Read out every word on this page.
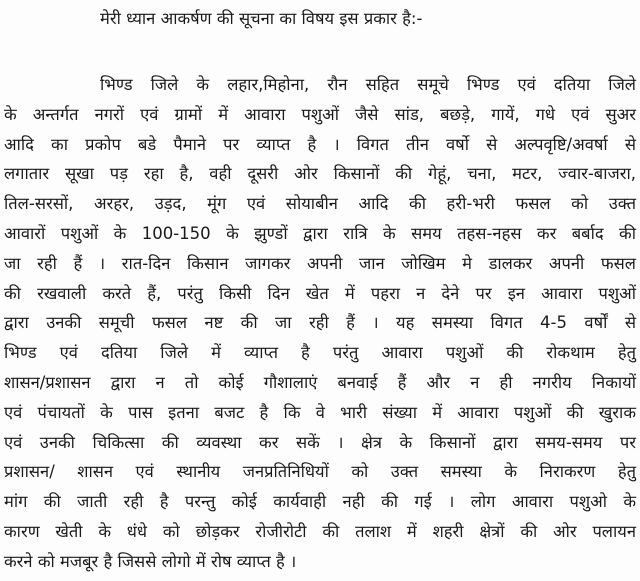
मेरी ध्यान आकर्षण की सूचना का विषय इस प्रकार है:-
भिण्ड जिले के लहार,मिहोना, रौन सहित समूचे भिण्ड एवं दतिया जिले
के अन्तर्गत नगरों एवं ग्रामों में आवारा पशुओं जैसे सांड, बछड़े, गायें, गधे एवं सुअर
आदि का प्रकोप बडे पैमाने पर व्याप्त है । विगत तीन वर्षो से अल्पवृष्टि/अवर्षा से
लगातार सूखा पड़ रहा है, वही दूसरी ओर किसानों की गेहूं, चना, मटर, ज्वार-बाजरा,
तिल-सरसों, अरहर, उड़द, मूंग एवं सोयाबीन आदि की हरी-भरी फसल को उक्त
आवारों पशुओं के 100-150 के झुण्डों द्वारा रात्रि के समय तहस-नहस कर बर्बाद की
जा रही हैं । रात-दिन किसान जागकर अपनी जान जोखिम मे डालकर अपनी फसल
की रखवाली करते हैं, परंतु किसी दिन खेत में पहरा न देने पर इन आवारा पशुओं
द्वारा उनकी समूची फसल नष्ट की जा रही हैं । यह समस्या विगत 4-5 वर्षों से
भिण्ड एवं दतिया जिले में व्याप्त है परंतु आवारा पशुओं की रोकथाम हेतु
शासन/प्रशासन द्वारा न तो कोई गौशालाएं बनवाई हैं और न ही नगरीय निकायों
एवं पंचायतों के पास इतना बजट है कि वे भारी संख्या में आवारा पशुओं की खुराक
एवं उनकी चिकित्सा की व्यवस्था कर सकें । क्षेत्र के किसानों द्वारा समय-समय पर
प्रशासन/ शासन एवं स्थानीय जनप्रतिनिधियों को उक्त समस्या के निराकरण हेतु
मांग की जाती रही है परन्तु कोई कार्यवाही नही की गई । लोग आवारा पशुओ के
कारण खेती के धंधे को छोड़कर रोजीरोटी की तलाश में शहरी क्षेत्रों की ओर पलायन
करने को मजबूर है जिससे लोगो में रोष व्याप्त है ।
